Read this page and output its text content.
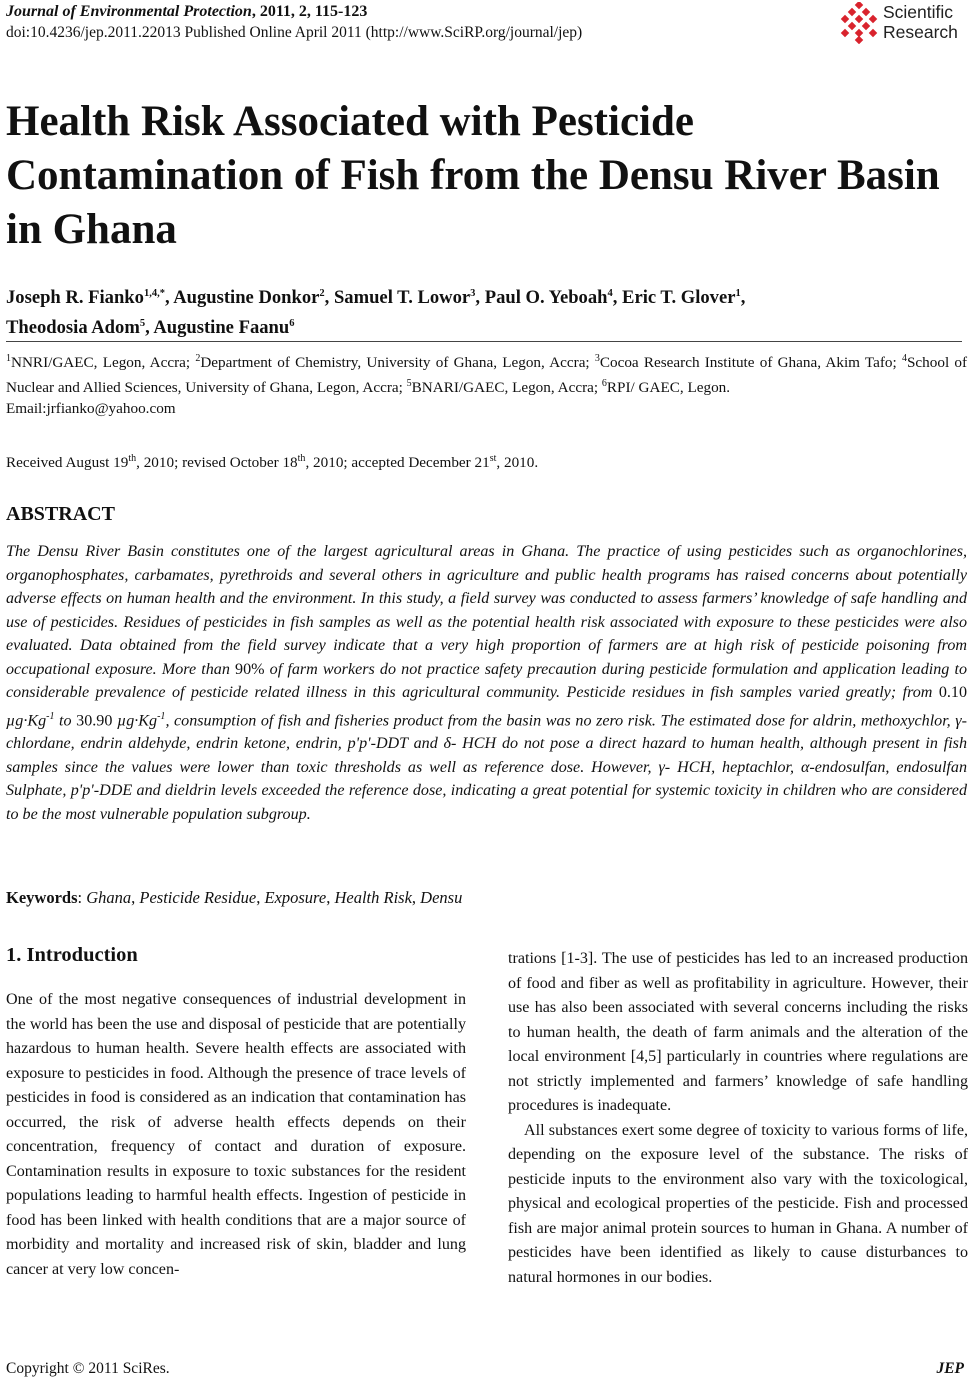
Journal of Environmental Protection, 2011, 2, 115-123
doi:10.4236/jep.2011.22013 Published Online April 2011 (http://www.SciRP.org/journal/jep)
Scientific
Research
Health Risk Associated with Pesticide Contamination of Fish from the Densu River Basin in Ghana
Joseph R. Fianko$^{1,4,*}$, Augustine Donkor$^2$, Samuel T. Lowor$^3$, Paul O. Yeboah$^4$, Eric T. Glover$^1$,
Theodosia Adom$^5$, Augustine Faanu$^6$
$^1$NNRI/GAEC, Legon, Accra; $^2$Department of Chemistry, University of Ghana, Legon, Accra; $^3$Cocoa Research Institute of Ghana, Akim Tafo; $^4$School of Nuclear and Allied Sciences, University of Ghana, Legon, Accra; $^5$BNARI/GAEC, Legon, Accra; $^6$RPI/ GAEC, Legon.
Email:jrfianko@yahoo.com
Received August 19th, 2010; revised October 18th, 2010; accepted December 21st, 2010.
ABSTRACT
The Densu River Basin constitutes one of the largest agricultural areas in Ghana. The practice of using pesticides such as organochlorines, organophosphates, carbamates, pyrethroids and several others in agriculture and public health programs has raised concerns about potentially adverse effects on human health and the environment. In this study, a field survey was conducted to assess farmers’ knowledge of safe handling and use of pesticides. Residues of pesticides in fish samples as well as the potential health risk associated with exposure to these pesticides were also evaluated. Data obtained from the field survey indicate that a very high proportion of farmers are at high risk of pesticide poisoning from occupational exposure. More than 90% of farm workers do not practice safety precaution during pesticide formulation and application leading to considerable prevalence of pesticide related illness in this agricultural community. Pesticide residues in fish samples varied greatly; from 0.10 $\mu g\cdot Kg^{-1}$ to 30.90 $\mu g\cdot Kg^{-1}$, consumption of fish and fisheries product from the basin was no zero risk. The estimated dose for aldrin, methoxychlor, γ-chlordane, endrin aldehyde, endrin ketone, endrin, p'p'-DDT and δ- HCH do not pose a direct hazard to human health, although present in fish samples since the values were lower than toxic thresholds as well as reference dose. However, γ- HCH, heptachlor, α-endosulfan, endosulfan Sulphate, p'p'-DDE and dieldrin levels exceeded the reference dose, indicating a great potential for systemic toxicity in children who are considered to be the most vulnerable population subgroup.
Keywords: Ghana, Pesticide Residue, Exposure, Health Risk, Densu
1. Introduction

One of the most negative consequences of industrial development in the world has been the use and disposal of pesticide that are potentially hazardous to human health. Severe health effects are associated with exposure to pesticides in food. Although the presence of trace levels of pesticides in food is considered as an indication that contamination has occurred, the risk of adverse health effects depends on their concentration, frequency of contact and duration of exposure. Contamination results in exposure to toxic substances for the resident populations leading to harmful health effects. Ingestion of pesticide in food has been linked with health conditions that are a major source of morbidity and mortality and increased risk of skin, bladder and lung cancer at very low concen-

trations [1-3]. The use of pesticides has led to an increased production of food and fiber as well as profitability in agriculture. However, their use has also been associated with several concerns including the risks to human health, the death of farm animals and the alteration of the local environment [4,5] particularly in countries where regulations are not strictly implemented and farmers’ knowledge of safe handling procedures is inadequate.

All substances exert some degree of toxicity to various forms of life, depending on the exposure level of the substance. The risks of pesticide inputs to the environment also vary with the toxicological, physical and ecological properties of the pesticide. Fish and processed fish are major animal protein sources to human in Ghana. A number of pesticides have been identified as likely to cause disturbances to natural hormones in our bodies.

Copyright © 2011 SciRes.	JEP
